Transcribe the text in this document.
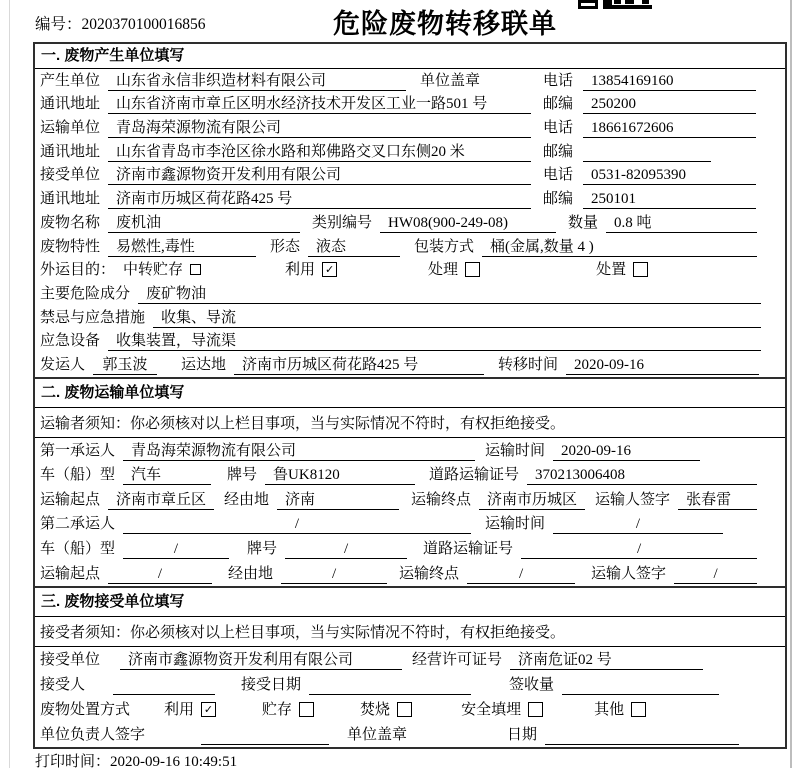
编号：2020370100016856	危险废物转移联单
一. 废物产生单位填写
产生单位	山东省永信非织造材料有限公司	单位盖章	电话	13854169160
通讯地址	山东省济南市章丘区明水经济技术开发区工业一路501 号	邮编	250200
运输单位	青岛海荣源物流有限公司	电话	18661672606
通讯地址	山东省青岛市李沧区徐水路和郑佛路交叉口东侧20 米	邮编
接受单位	济南市鑫源物资开发利用有限公司	电话	0531-82095390
通讯地址	济南市历城区荷花路425 号	邮编	250101
废物名称	废机油	类别编号	HW08(900-249-08)	数量	0.8 吨
废物特性	易燃性,毒性	形态	液态	包装方式	桶(金属,数量 4 )
外运目的： 中转贮存	利用 ✓	处理	处置
主要危险成分	废矿物油
禁忌与应急措施	收集、导流
应急设备	收集装置，导流渠
发运人	郭玉波	运达地	济南市历城区荷花路425 号	转移时间	2020-09-16
二. 废物运输单位填写
运输者须知：你必须核对以上栏目事项，当与实际情况不符时，有权拒绝接受。
第一承运人	青岛海荣源物流有限公司	运输时间	2020-09-16
车（船）型	汽车	牌号	鲁UK8120	道路运输证号	370213006408
运输起点	济南市章丘区	经由地	济南	运输终点	济南市历城区	运输人签字	张春雷
第二承运人	/	运输时间	/
车（船）型	/	牌号	/	道路运输证号	/
运输起点	/	经由地	/	运输终点	/	运输人签字	/
三. 废物接受单位填写
接受者须知：你必须核对以上栏目事项，当与实际情况不符时，有权拒绝接受。
接受单位	济南市鑫源物资开发利用有限公司	经营许可证号	济南危证02 号
接受人	接受日期	签收量
废物处置方式 利用 ✓	贮存	焚烧	安全填埋	其他
单位负责人签字	单位盖章	日期
打印时间：2020-09-16 10:49:51
